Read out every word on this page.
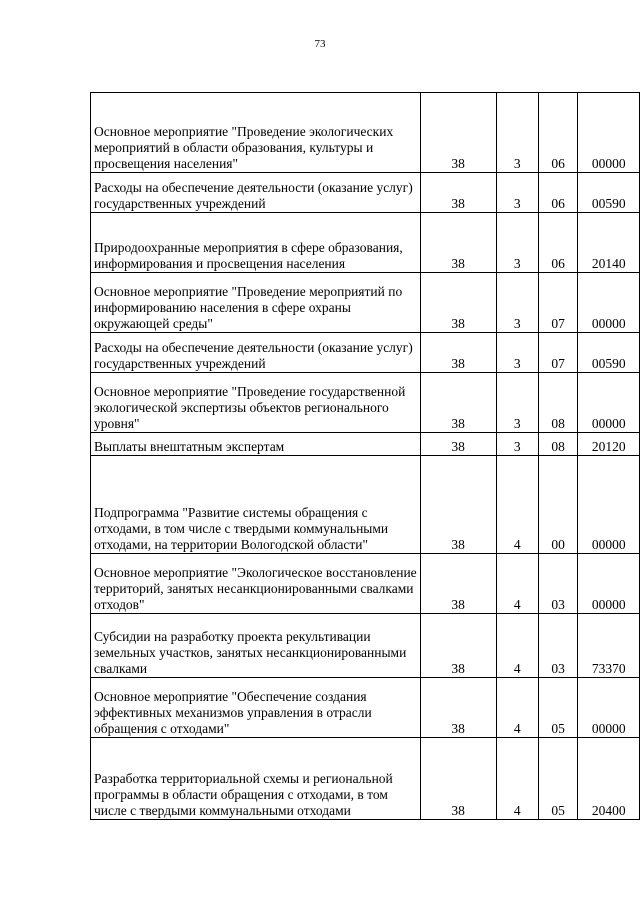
73
Основное мероприятие "Проведение экологических мероприятий в области образования, культуры и просвещения населения"	38	3	06	00000
Расходы на обеспечение деятельности (оказание услуг) государственных учреждений	38	3	06	00590
Природоохранные мероприятия в сфере образования, информирования и просвещения населения	38	3	06	20140
Основное мероприятие "Проведение мероприятий по информированию населения в сфере охраны окружающей среды"	38	3	07	00000
Расходы на обеспечение деятельности (оказание услуг) государственных учреждений	38	3	07	00590
Основное мероприятие "Проведение государственной экологической экспертизы объектов регионального уровня"	38	3	08	00000
Выплаты внештатным экспертам	38	3	08	20120
Подпрограмма "Развитие системы обращения с отходами, в том числе с твердыми коммунальными отходами, на территории Вологодской области"	38	4	00	00000
Основное мероприятие "Экологическое восстановление территорий, занятых несанкционированными свалками отходов"	38	4	03	00000
Субсидии на разработку проекта рекультивации земельных участков, занятых несанкционированными свалками	38	4	03	73370
Основное мероприятие "Обеспечение создания эффективных механизмов управления в отрасли обращения с отходами"	38	4	05	00000
Разработка территориальной схемы и региональной программы в области обращения с отходами, в том числе с твердыми коммунальными отходами	38	4	05	20400
